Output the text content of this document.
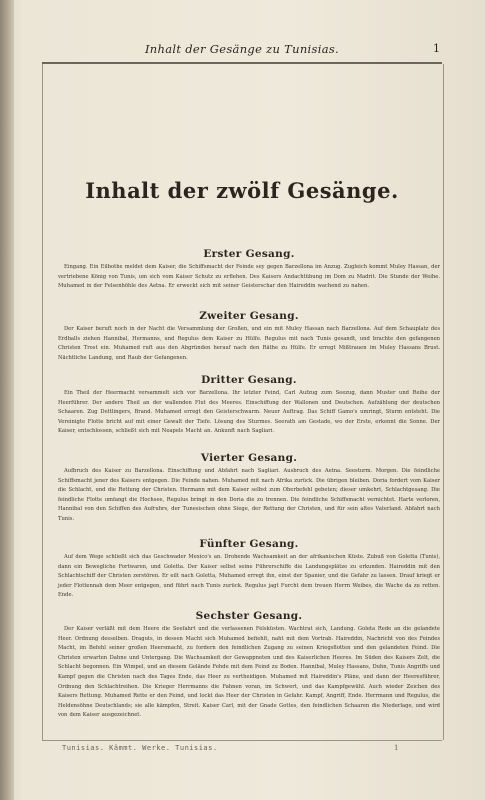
Inhalt der Gesänge zu Tunisias.	1
Inhalt der zwölf Gesänge.
Erster Gesang.

Eingang. Ein Eilbothe meldet dem Kaiser, die Schiffsmacht der Feinde sey gegen Barzellona im Anzug. Zugleich kommt Muley Hassan, der vertriebene König von Tunis, um sich vom Kaiser Schutz zu erflehen. Des Kaisers Andachtübung im Dom zu Madrit. Die Stunde der Weihe. Muhamed in der Felsenhöhle des Aetna. Er erweckt sich mit seiner Geisterschar den Haireddin wachend zu nahen.

Zweiter Gesang.

Der Kaiser beruft noch in der Nacht die Versammlung der Großen, und ein mit Muley Hassan nach Barzellona. Auf dem Schauplatz des Erdballs ziehen Hannibal, Hermanns, und Regulus dem Kaiser zu Hülfe. Regulus mit nach Tunis gesandt, und brachte den gefangenen Christen Trost ein. Muhamed ruft aus den Abgründen herauf nach den Räthe zu Hülfe. Er erregt Mißtrauen im Muley Hassans Brust. Nächtliche Landung, und Raub der Gefangenen.

Dritter Gesang.

Ein Theil der Heermacht versammelt sich vor Barzellona. Ihr letzter Feind, Carl Aufzug zum Seezug, dann Muster und Reihe der Heerführer. Der andere Theil an der wallenden Flut des Meeres. Einschiffung der Wallonen und Deutschen. Aufzählung der deutschen Schaaren. Zug Dettlingers, Brand. Muhamed erregt den Geisterschwarm. Neuer Auftrag. Das Schiff Gamo's umringt, Sturm entsteht. Die Vereinigte Flotte bricht auf mit einer Gewalt der Tiefe. Lösung des Sturmes. Seerath am Gestade, wo der Erste, erkennt die Sonne. Der Kaiser, entschlossen, schließt sich mit Neapels Macht an. Ankunft nach Sagliari.

Vierter Gesang.

Aufbruch des Kaiser zu Barzellona. Einschiffung und Abfahrt nach Sagliari. Ausbruch des Aetna. Seesturm. Morgen. Die feindliche Schiffsmacht jener des Kaisers entgegen. Die Feinde nahen. Muhamed mit nach Afrika zurück. Die übrigen bleiben. Doria fordert vom Kaiser die Schlacht, und die Rettung der Christen. Hermann mit dem Kaiser selbst zum Oberbefehl gebeten; dieser umkehrt, Schlachtgesang. Die feindliche Flotte umfangt die Hochsee, Regulus bringt in den Doria die zu trennen. Die feindliche Schiffsmacht vernichtet. Harte verloren, Hannibal von den Schiffen des Aufruhrs, der Tunesischen ohne Siege, der Rettung der Christen, und für sein altes Vaterland. Abfahrt nach Tunis.

Fünfter Gesang.

Auf dem Wege schließt sich das Geschwader Mexico's an. Drohende Wachsamkeit an der afrikanischen Küste. Zubuß von Goletta (Tunis), dann ein Bewegliche Fortwaren, und Goletta. Der Kaiser selbst seine Führerschiffe die Landungsplätze zu erkunden. Haireddin mit den Schlachtschiff der Christen zerstören. Er eilt nach Goletta, Muhamed erregt ihn, einst der Spanier, und die Gefahr zu lassen. Drauf kriegt er jeder Flottennah dem Meer entgegen, und führt nach Tunis zurück. Regulus jagt Furcht dem treuen Herrn Weibes, die Wache da zu retten. Ende.

Sechster Gesang.

Der Kaiser verläßt mit dem Heere die Seefahrt und die verlassenen Felsküsten. Wachtrat sich, Landung. Goleta Rede an die gelandete Heer. Ordnung desselben. Draguts, in dessen Macht sich Muhamed befiehlt, naht mit dem Vortrab. Haireddin, Nachricht von des Feindes Macht, im Befehl seiner großen Heersmacht, zu fordern den feindlichen Zugang zu seinen Kriegsflotten und den gelandeten Feind. Die Christen erwarten Dahne und Untergang. Die Wachsamkeit der Gewappneten und des Kaiserlichen Heeres. Im Süden des Kaisers Zelt, die Schlacht begonnen. Ein Wimpel, und an diesem Gelände Fehde mit dem Feind zu Boden. Hannibal, Muley Hassans, Duhn, Tunis Angriffs und Kampf gegen die Christen nach des Tages Ende, das Heer zu vertheidigen. Muhamed mit Haireddin's Pläne, und dann der Heeresführer, Ordnung den Schlachtreihen. Die Krieger Herrmanns die Fahnen voran, im Schwert, und das Kampfgewühl. Auch wieder Zeichen des Kaisers Rettung. Muhamed Rette er den Feind, und lockt das Heer der Christen in Gefahr. Kampf, Angriff, Ende. Herrmann und Regulus, die Heldensöhne Deutschlands; sie alle kämpfen, Streit. Kaiser Carl, mit der Gnade Gottes, den feindlichen Schaaren die Niederlage, und wird von dem Kaiser ausgezeichnet.

Tunisias. Kämmt. Werke. Tunisias.	1
